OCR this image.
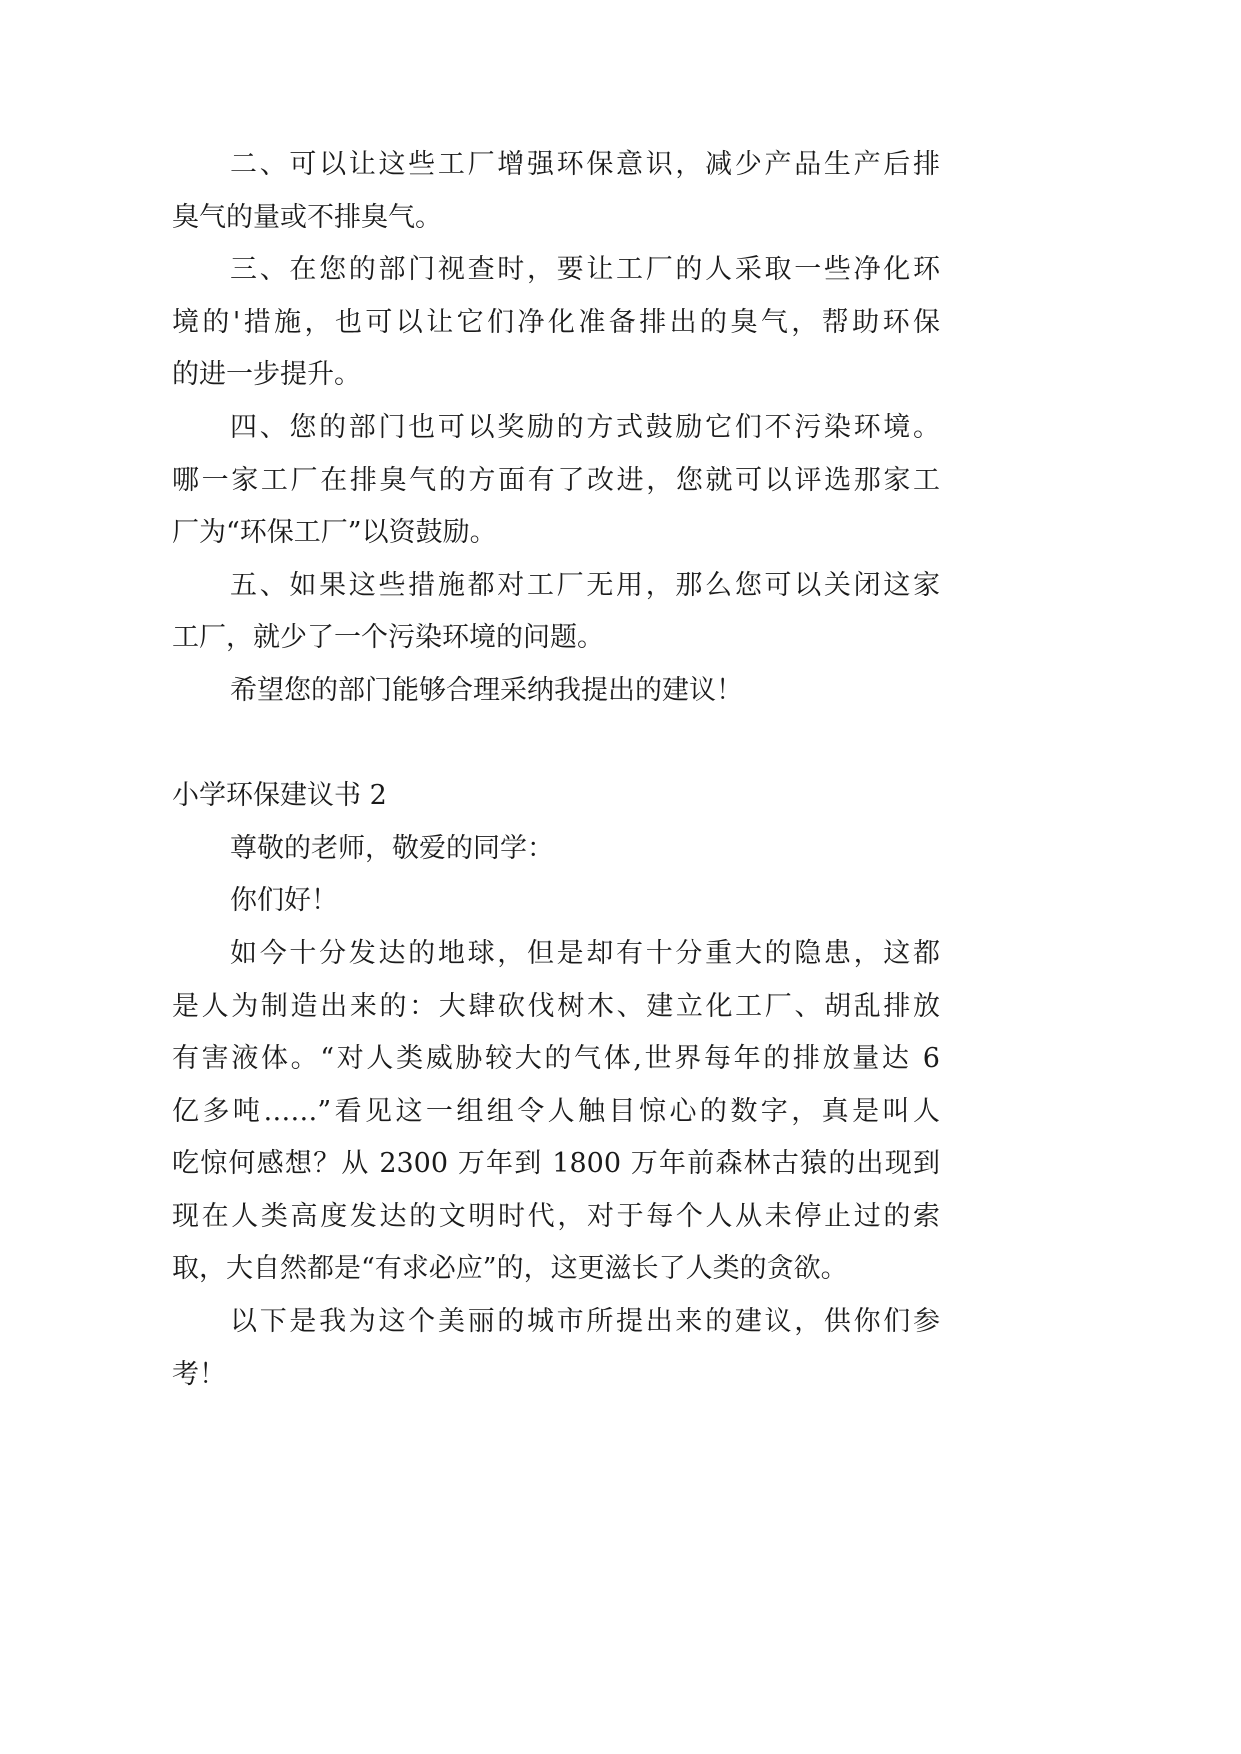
二、可以让这些工厂增强环保意识，减少产品生产后排
臭气的量或不排臭气。
三、在您的部门视查时，要让工厂的人采取一些净化环
境的'措施，也可以让它们净化准备排出的臭气，帮助环保
的进一步提升。
四、您的部门也可以奖励的方式鼓励它们不污染环境。
哪一家工厂在排臭气的方面有了改进，您就可以评选那家工
厂为“环保工厂”以资鼓励。
五、如果这些措施都对工厂无用，那么您可以关闭这家
工厂，就少了一个污染环境的问题。
希望您的部门能够合理采纳我提出的建议！
小学环保建议书 2
尊敬的老师，敬爱的同学：
你们好！
如今十分发达的地球，但是却有十分重大的隐患，这都
是人为制造出来的：大肆砍伐树木、建立化工厂、胡乱排放
有害液体。“对人类威胁较大的气体,世界每年的排放量达 6
亿多吨……”看见这一组组令人触目惊心的数字，真是叫人
吃惊何感想？从 2300 万年到 1800 万年前森林古猿的出现到
现在人类高度发达的文明时代，对于每个人从未停止过的索
取，大自然都是“有求必应”的，这更滋长了人类的贪欲。
以下是我为这个美丽的城市所提出来的建议，供你们参
考！
